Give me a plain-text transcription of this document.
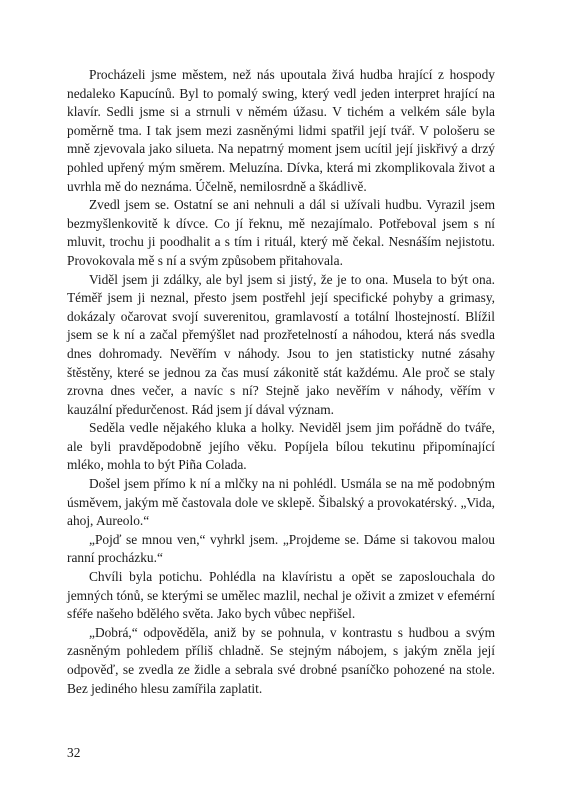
Procházeli jsme městem, než nás upoutala živá hudba hrající z hospody nedaleko Kapucínů. Byl to pomalý swing, který vedl jeden interpret hrající na klavír. Sedli jsme si a strnuli v němém úžasu. V tichém a velkém sále byla poměrně tma. I tak jsem mezi zasněnými lidmi spatřil její tvář. V pološeru se mně zjevovala jako silueta. Na nepatrný moment jsem ucítil její jiskřivý a drzý pohled upřený mým směrem. Meluzína. Dívka, která mi zkomplikovala život a uvrhla mě do neznáma. Účelně, nemilosrdně a škádlivě.

Zvedl jsem se. Ostatní se ani nehnuli a dál si užívali hudbu. Vyrazil jsem bezmyšlenkovitě k dívce. Co jí řeknu, mě nezajímalo. Potřeboval jsem s ní mluvit, trochu ji poodhalit a s tím i rituál, který mě čekal. Nesnáším nejistotu. Provokovala mě s ní a svým způsobem přitahovala.

Viděl jsem ji zdálky, ale byl jsem si jistý, že je to ona. Musela to být ona. Téměř jsem ji neznal, přesto jsem postřehl její specifické pohyby a grimasy, dokázaly očarovat svojí suverenitou, gramlavostí a totální lhostejností. Blížil jsem se k ní a začal přemýšlet nad prozřetelností a náhodou, která nás svedla dnes dohromady. Nevěřím v náhody. Jsou to jen statisticky nutné zásahy štěstěny, které se jednou za čas musí zákonitě stát každému. Ale proč se staly zrovna dnes večer, a navíc s ní? Stejně jako nevěřím v náhody, věřím v kauzální předurčenost. Rád jsem jí dával význam.

Seděla vedle nějakého kluka a holky. Neviděl jsem jim pořádně do tváře, ale byli pravděpodobně jejího věku. Popíjela bílou tekutinu připomínající mléko, mohla to být Piña Colada.

Došel jsem přímo k ní a mlčky na ni pohlédl. Usmála se na mě podobným úsměvem, jakým mě častovala dole ve sklepě. Šibalský a provokatérský. „Vida, ahoj, Aureolo.“

„Pojď se mnou ven,“ vyhrkl jsem. „Projdeme se. Dáme si takovou malou ranní procházku.“

Chvíli byla potichu. Pohlédla na klavíristu a opět se zaposlouchala do jemných tónů, se kterými se umělec mazlil, nechal je oživit a zmizet v efemérní sféře našeho bdělého světa. Jako bych vůbec nepřišel.

„Dobrá,“ odpověděla, aniž by se pohnula, v kontrastu s hudbou a svým zasněným pohledem příliš chladně. Se stejným nábojem, s jakým zněla její odpověď, se zvedla ze židle a sebrala své drobné psaníčko pohozené na stole. Bez jediného hlesu zamířila zaplatit.

32
